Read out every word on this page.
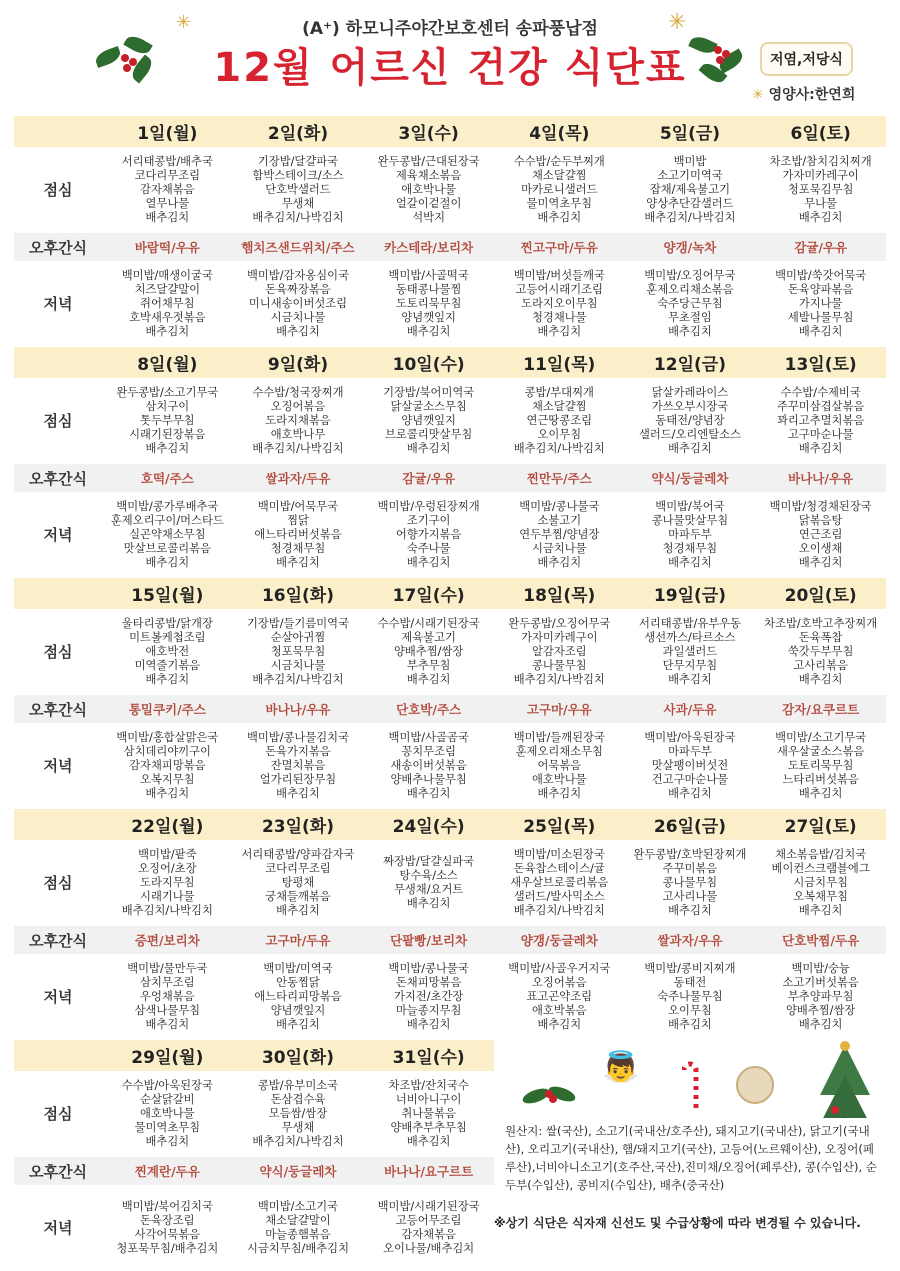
✳	✳
(A⁺) 하모니주야간보호센터 송파풍납점
12월 어르신 건강 식단표	저염,저당식
✳ 영양사:한연희
	1일(월)	2일(화)	3일(수)	4일(목)	5일(금)	6일(토)
점심	서리태콩밥/배추국
코다리무조림
감자채볶음
열무나물
배추김치	기장밥/달걀파국
함박스테이크/소스
단호박샐러드
무생채
배추김치/나박김치	완두콩밥/근대된장국
제육채소볶음
애호박나물
얼갈이겉절이
석박지	수수밥/순두부찌개
채소달걀찜
마카로니샐러드
물미역초무침
배추김치	백미밥
소고기미역국
잡채/제육불고기
양상추단감샐러드
배추김치/나박김치	차조밥/참치김치찌개
가자미카레구이
청포묵김무침
무나물
배추김치

오후간식	바람떡/우유	햄치즈샌드위치/주스	카스테라/보리차	찐고구마/두유	양갱/녹차	감귤/우유
저녁	백미밥/매생이굴국
치즈달걀말이
쥐어채무침
호박새우젓볶음
배추김치	백미밥/감자옹심이국
돈육짜장볶음
미니새송이버섯조림
시금치나물
배추김치	백미밥/사골떡국
동태콩나물찜
도토리묵무침
양념깻잎지
배추김치	백미밥/버섯들깨국
고등어시래기조림
도라지오이무침
청경채나물
배추김치	백미밥/오징어무국
훈제오리채소볶음
숙주당근무침
무초절임
배추김치	백미밥/쑥갓어묵국
돈육양파볶음
가지나물
세발나물무침
배추김치

	8일(월)	9일(화)	10일(수)	11일(목)	12일(금)	13일(토)
점심	완두콩밥/소고기무국
삼치구이
톳두부무침
시래기된장볶음
배추김치	수수밥/청국장찌개
오징어볶음
도라지채볶음
애호박나무
배추김치/나박김치	기장밥/북어미역국
닭살굴소스무침
양념깻잎지
브로콜리맛살무침
배추김치	콩밥/부대찌개
채소달걀찜
연근땅콩조림
오이무침
배추김치/나박김치	닭살카레라이스
가쓰오부시장국
동태전/양념장
샐러드/오리엔탈소스
배추김치	수수밥/수제비국
주꾸미삼겹살볶음
꽈리고추멸치볶음
고구마순나물
배추김치

오후간식	호떡/주스	쌀과자/두유	감귤/우유	찐만두/주스	약식/둥글레차	바나나/우유
저녁	백미밥/콩가루배추국
훈제오리구이/머스타드
실곤약채소무침
맛살브로콜리볶음
배추김치	백미밥/어묵무국
찜닭
애느타리버섯볶음
청경채무침
배추김치	백미밥/우렁된장찌개
조기구이
어향가지볶음
숙주나물
배추김치	백미밥/콩나물국
소불고기
연두부찜/양념장
시금치나물
배추김치	백미밥/북어국
콩나물맛살무침
마파두부
청경채무침
배추김치	백미밥/청경채된장국
닭볶음탕
연근조림
오이생채
배추김치

	15일(월)	16일(화)	17일(수)	18일(목)	19일(금)	20일(토)
점심	울타리콩밥/닭개장
미트볼케첩조림
애호박전
미역줄기볶음
배추김치	기장밥/들기름미역국
순살아귀찜
청포묵무침
시금치나물
배추김치/나박김치	수수밥/시래기된장국
제육불고기
양배추찜/쌈장
부추무침
배추김치	완두콩밥/오징어무국
가자미카레구이
알감자조림
콩나물무침
배추김치/나박김치	서리태콩밥/유부우동
생선까스/타르소스
과일샐러드
단무지무침
배추김치	차조밥/호박고추장찌개
돈육폭찹
쑥갓두부무침
고사리볶음
배추김치

오후간식	통밀쿠키/주스	바나나/우유	단호박/주스	고구마/우유	사과/두유	감자/요쿠르트
저녁	백미밥/홍합살맑은국
삼치데리야끼구이
감자채피망볶음
오복지무침
배추김치	백미밥/콩나물김치국
돈육가지볶음
잔멸치볶음
얼가리된장무침
배추김치	백미밥/사골곰국
꽁치무조림
새송이버섯볶음
양배추나물무침
배추김치	백미밥/들깨된장국
훈제오리채소무침
어묵볶음
애호박나물
배추김치	백미밥/아욱된장국
마파두부
맛살팽이버섯전
건고구마순나물
배추김치	백미밥/소고기무국
새우살굴소스볶음
도토리묵무침
느타리버섯볶음
배추김치

	22일(월)	23일(화)	24일(수)	25일(목)	26일(금)	27일(토)
점심	백미밥/팥죽
오징어/초장
도라지무침
시래기나물
배추김치/나박김치	서리태콩밥/양파감자국
코다리무조림
탕평채
궁채들깨볶음
배추김치	짜장밥/달걀실파국
탕수육/소스
무생채/요거트
배추김치	백미밥/미소된장국
돈육찹스테이스/귤
새우살브로콜리볶음
샐러드/발사믹소스
배추김치/나박김치	완두콩밥/호박된장찌개
주꾸미볶음
콩나물무침
고사리나물
배추김치	채소볶음밥/김치국
베이컨스크램블에그
시금치무침
오복채무침
배추김치

오후간식	증편/보리차	고구마/두유	단팥빵/보리차	양갱/둥글레차	쌀과자/우유	단호박찜/두유
저녁	백미밥/물만두국
삼치무조림
우엉채볶음
삼색나물무침
배추김치	백미밥/미역국
안동찜닭
애느타리피망볶음
양념깻잎지
배추김치	백미밥/콩나물국
돈채피망볶음
가지전/초간장
마늘종지무침
배추김치	백미밥/사골우거지국
오징어볶음
표고곤약조림
애호박볶음
배추김치	백미밥/콩비지찌개
동태전
숙주나물무침
오이무침
배추김치	백미밥/숭늉
소고기버섯볶음
부추양파무침
양배추찜/쌈장
배추김치

	29일(월)	30일(화)	31일(수)			
점심	수수밥/아욱된장국
순살닭갈비
애호박나물
물미역초무침
배추김치	콩밥/유부미소국
돈삼겹수육
모듬쌈/쌈장
무생채
배추김치/나박김치	차조밥/잔치국수
너비아니구이
취나물볶음
양배추부추무침
배추김치			

오후간식	찐계란/두유	약식/둥글레차	바나나/요구르트			
저녁	백미밥/북어김치국
돈육장조림
사각어묵볶음
청포묵무침/배추김치	백미밥/소고기국
채소달걀말이
마늘종햄볶음
시금치무침/배추김치	백미밥/시래기된장국
고등어무조림
감자채볶음
오이나물/배추김치			

👼
원산지: 쌀(국산), 소고기(국내산/호주산), 돼지고기(국내산), 닭고기(국내산), 오리고기(국내산), 햄/돼지고기(국산), 고등어(노르웨이산), 오징어(페루산),너비아니소고기(호주산,국산),진미채/오징어(페루산), 콩(수입산), 순두부(수입산), 콩비지(수입산), 배추(중국산)
※상기 식단은 식자재 신선도 및 수급상황에 따라 변경될 수 있습니다.
